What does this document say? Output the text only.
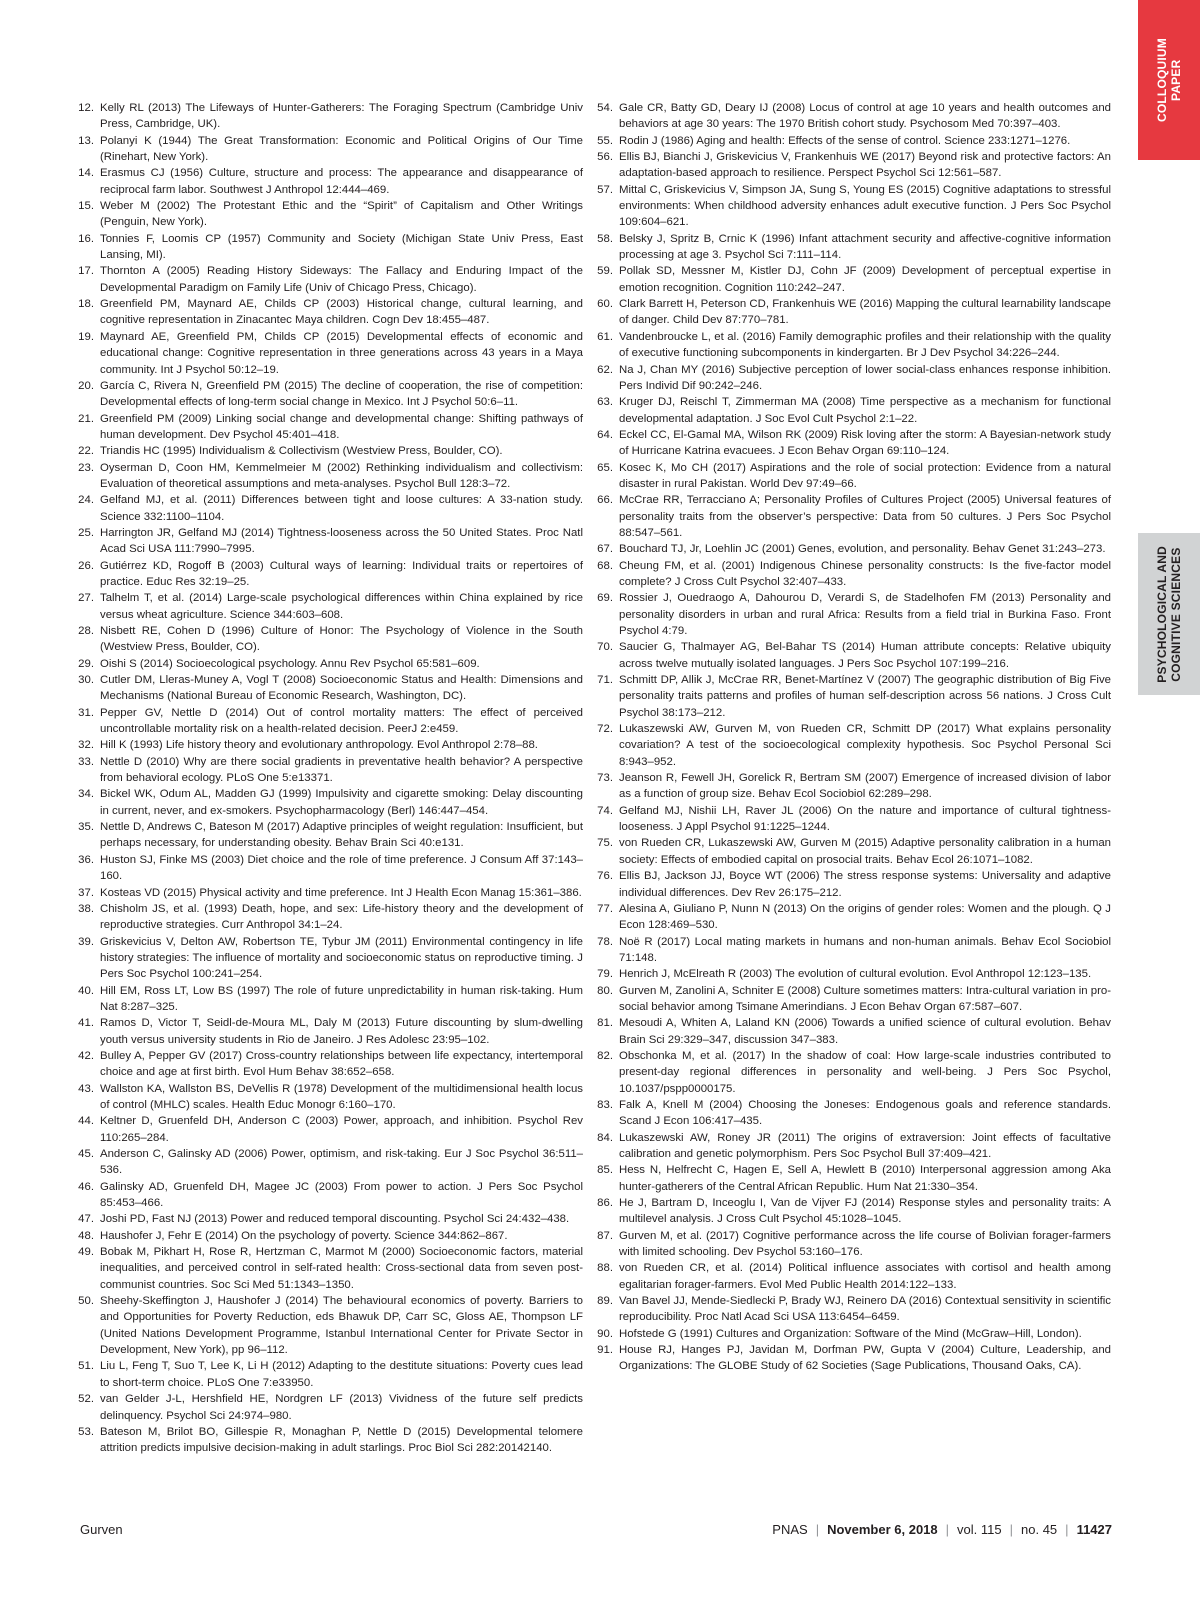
COLLOQUIUM
PAPER
PSYCHOLOGICAL AND
COGNITIVE SCIENCES
12. Kelly RL (2013) The Lifeways of Hunter-Gatherers: The Foraging Spectrum (Cambridge Univ Press, Cambridge, UK).
13. Polanyi K (1944) The Great Transformation: Economic and Political Origins of Our Time (Rinehart, New York).
14. Erasmus CJ (1956) Culture, structure and process: The appearance and disappearance of reciprocal farm labor. Southwest J Anthropol 12:444–469.
15. Weber M (2002) The Protestant Ethic and the “Spirit” of Capitalism and Other Writings (Penguin, New York).
16. Tonnies F, Loomis CP (1957) Community and Society (Michigan State Univ Press, East Lansing, MI).
17. Thornton A (2005) Reading History Sideways: The Fallacy and Enduring Impact of the Developmental Paradigm on Family Life (Univ of Chicago Press, Chicago).
18. Greenfield PM, Maynard AE, Childs CP (2003) Historical change, cultural learning, and cognitive representation in Zinacantec Maya children. Cogn Dev 18:455–487.
19. Maynard AE, Greenfield PM, Childs CP (2015) Developmental effects of economic and educational change: Cognitive representation in three generations across 43 years in a Maya community. Int J Psychol 50:12–19.
20. García C, Rivera N, Greenfield PM (2015) The decline of cooperation, the rise of competition: Developmental effects of long-term social change in Mexico. Int J Psychol 50:6–11.
21. Greenfield PM (2009) Linking social change and developmental change: Shifting pathways of human development. Dev Psychol 45:401–418.
22. Triandis HC (1995) Individualism & Collectivism (Westview Press, Boulder, CO).
23. Oyserman D, Coon HM, Kemmelmeier M (2002) Rethinking individualism and collectivism: Evaluation of theoretical assumptions and meta-analyses. Psychol Bull 128:3–72.
24. Gelfand MJ, et al. (2011) Differences between tight and loose cultures: A 33-nation study. Science 332:1100–1104.
25. Harrington JR, Gelfand MJ (2014) Tightness-looseness across the 50 United States. Proc Natl Acad Sci USA 111:7990–7995.
26. Gutiérrez KD, Rogoff B (2003) Cultural ways of learning: Individual traits or repertoires of practice. Educ Res 32:19–25.
27. Talhelm T, et al. (2014) Large-scale psychological differences within China explained by rice versus wheat agriculture. Science 344:603–608.
28. Nisbett RE, Cohen D (1996) Culture of Honor: The Psychology of Violence in the South (Westview Press, Boulder, CO).
29. Oishi S (2014) Socioecological psychology. Annu Rev Psychol 65:581–609.
30. Cutler DM, Lleras-Muney A, Vogl T (2008) Socioeconomic Status and Health: Dimensions and Mechanisms (National Bureau of Economic Research, Washington, DC).
31. Pepper GV, Nettle D (2014) Out of control mortality matters: The effect of perceived uncontrollable mortality risk on a health-related decision. PeerJ 2:e459.
32. Hill K (1993) Life history theory and evolutionary anthropology. Evol Anthropol 2:78–88.
33. Nettle D (2010) Why are there social gradients in preventative health behavior? A perspective from behavioral ecology. PLoS One 5:e13371.
34. Bickel WK, Odum AL, Madden GJ (1999) Impulsivity and cigarette smoking: Delay discounting in current, never, and ex-smokers. Psychopharmacology (Berl) 146:447–454.
35. Nettle D, Andrews C, Bateson M (2017) Adaptive principles of weight regulation: Insufficient, but perhaps necessary, for understanding obesity. Behav Brain Sci 40:e131.
36. Huston SJ, Finke MS (2003) Diet choice and the role of time preference. J Consum Aff 37:143–160.
37. Kosteas VD (2015) Physical activity and time preference. Int J Health Econ Manag 15:361–386.
38. Chisholm JS, et al. (1993) Death, hope, and sex: Life-history theory and the development of reproductive strategies. Curr Anthropol 34:1–24.
39. Griskevicius V, Delton AW, Robertson TE, Tybur JM (2011) Environmental contingency in life history strategies: The influence of mortality and socioeconomic status on reproductive timing. J Pers Soc Psychol 100:241–254.
40. Hill EM, Ross LT, Low BS (1997) The role of future unpredictability in human risk-taking. Hum Nat 8:287–325.
41. Ramos D, Victor T, Seidl-de-Moura ML, Daly M (2013) Future discounting by slum-dwelling youth versus university students in Rio de Janeiro. J Res Adolesc 23:95–102.
42. Bulley A, Pepper GV (2017) Cross-country relationships between life expectancy, intertemporal choice and age at first birth. Evol Hum Behav 38:652–658.
43. Wallston KA, Wallston BS, DeVellis R (1978) Development of the multidimensional health locus of control (MHLC) scales. Health Educ Monogr 6:160–170.
44. Keltner D, Gruenfeld DH, Anderson C (2003) Power, approach, and inhibition. Psychol Rev 110:265–284.
45. Anderson C, Galinsky AD (2006) Power, optimism, and risk-taking. Eur J Soc Psychol 36:511–536.
46. Galinsky AD, Gruenfeld DH, Magee JC (2003) From power to action. J Pers Soc Psychol 85:453–466.
47. Joshi PD, Fast NJ (2013) Power and reduced temporal discounting. Psychol Sci 24:432–438.
48. Haushofer J, Fehr E (2014) On the psychology of poverty. Science 344:862–867.
49. Bobak M, Pikhart H, Rose R, Hertzman C, Marmot M (2000) Socioeconomic factors, material inequalities, and perceived control in self-rated health: Cross-sectional data from seven post-communist countries. Soc Sci Med 51:1343–1350.
50. Sheehy-Skeffington J, Haushofer J (2014) The behavioural economics of poverty. Barriers to and Opportunities for Poverty Reduction, eds Bhawuk DP, Carr SC, Gloss AE, Thompson LF (United Nations Development Programme, Istanbul International Center for Private Sector in Development, New York), pp 96–112.
51. Liu L, Feng T, Suo T, Lee K, Li H (2012) Adapting to the destitute situations: Poverty cues lead to short-term choice. PLoS One 7:e33950.
52. van Gelder J-L, Hershfield HE, Nordgren LF (2013) Vividness of the future self predicts delinquency. Psychol Sci 24:974–980.
53. Bateson M, Brilot BO, Gillespie R, Monaghan P, Nettle D (2015) Developmental telomere attrition predicts impulsive decision-making in adult starlings. Proc Biol Sci 282:20142140.
54. Gale CR, Batty GD, Deary IJ (2008) Locus of control at age 10 years and health outcomes and behaviors at age 30 years: The 1970 British cohort study. Psychosom Med 70:397–403.
55. Rodin J (1986) Aging and health: Effects of the sense of control. Science 233:1271–1276.
56. Ellis BJ, Bianchi J, Griskevicius V, Frankenhuis WE (2017) Beyond risk and protective factors: An adaptation-based approach to resilience. Perspect Psychol Sci 12:561–587.
57. Mittal C, Griskevicius V, Simpson JA, Sung S, Young ES (2015) Cognitive adaptations to stressful environments: When childhood adversity enhances adult executive function. J Pers Soc Psychol 109:604–621.
58. Belsky J, Spritz B, Crnic K (1996) Infant attachment security and affective-cognitive information processing at age 3. Psychol Sci 7:111–114.
59. Pollak SD, Messner M, Kistler DJ, Cohn JF (2009) Development of perceptual expertise in emotion recognition. Cognition 110:242–247.
60. Clark Barrett H, Peterson CD, Frankenhuis WE (2016) Mapping the cultural learnability landscape of danger. Child Dev 87:770–781.
61. Vandenbroucke L, et al. (2016) Family demographic profiles and their relationship with the quality of executive functioning subcomponents in kindergarten. Br J Dev Psychol 34:226–244.
62. Na J, Chan MY (2016) Subjective perception of lower social-class enhances response inhibition. Pers Individ Dif 90:242–246.
63. Kruger DJ, Reischl T, Zimmerman MA (2008) Time perspective as a mechanism for functional developmental adaptation. J Soc Evol Cult Psychol 2:1–22.
64. Eckel CC, El-Gamal MA, Wilson RK (2009) Risk loving after the storm: A Bayesian-network study of Hurricane Katrina evacuees. J Econ Behav Organ 69:110–124.
65. Kosec K, Mo CH (2017) Aspirations and the role of social protection: Evidence from a natural disaster in rural Pakistan. World Dev 97:49–66.
66. McCrae RR, Terracciano A; Personality Profiles of Cultures Project (2005) Universal features of personality traits from the observer’s perspective: Data from 50 cultures. J Pers Soc Psychol 88:547–561.
67. Bouchard TJ, Jr, Loehlin JC (2001) Genes, evolution, and personality. Behav Genet 31:243–273.
68. Cheung FM, et al. (2001) Indigenous Chinese personality constructs: Is the five-factor model complete? J Cross Cult Psychol 32:407–433.
69. Rossier J, Ouedraogo A, Dahourou D, Verardi S, de Stadelhofen FM (2013) Personality and personality disorders in urban and rural Africa: Results from a field trial in Burkina Faso. Front Psychol 4:79.
70. Saucier G, Thalmayer AG, Bel-Bahar TS (2014) Human attribute concepts: Relative ubiquity across twelve mutually isolated languages. J Pers Soc Psychol 107:199–216.
71. Schmitt DP, Allik J, McCrae RR, Benet-Martínez V (2007) The geographic distribution of Big Five personality traits patterns and profiles of human self-description across 56 nations. J Cross Cult Psychol 38:173–212.
72. Lukaszewski AW, Gurven M, von Rueden CR, Schmitt DP (2017) What explains personality covariation? A test of the socioecological complexity hypothesis. Soc Psychol Personal Sci 8:943–952.
73. Jeanson R, Fewell JH, Gorelick R, Bertram SM (2007) Emergence of increased division of labor as a function of group size. Behav Ecol Sociobiol 62:289–298.
74. Gelfand MJ, Nishii LH, Raver JL (2006) On the nature and importance of cultural tightness-looseness. J Appl Psychol 91:1225–1244.
75. von Rueden CR, Lukaszewski AW, Gurven M (2015) Adaptive personality calibration in a human society: Effects of embodied capital on prosocial traits. Behav Ecol 26:1071–1082.
76. Ellis BJ, Jackson JJ, Boyce WT (2006) The stress response systems: Universality and adaptive individual differences. Dev Rev 26:175–212.
77. Alesina A, Giuliano P, Nunn N (2013) On the origins of gender roles: Women and the plough. Q J Econ 128:469–530.
78. Noë R (2017) Local mating markets in humans and non-human animals. Behav Ecol Sociobiol 71:148.
79. Henrich J, McElreath R (2003) The evolution of cultural evolution. Evol Anthropol 12:123–135.
80. Gurven M, Zanolini A, Schniter E (2008) Culture sometimes matters: Intra-cultural variation in pro-social behavior among Tsimane Amerindians. J Econ Behav Organ 67:587–607.
81. Mesoudi A, Whiten A, Laland KN (2006) Towards a unified science of cultural evolution. Behav Brain Sci 29:329–347, discussion 347–383.
82. Obschonka M, et al. (2017) In the shadow of coal: How large-scale industries contributed to present-day regional differences in personality and well-being. J Pers Soc Psychol, 10.1037/pspp0000175.
83. Falk A, Knell M (2004) Choosing the Joneses: Endogenous goals and reference standards. Scand J Econ 106:417–435.
84. Lukaszewski AW, Roney JR (2011) The origins of extraversion: Joint effects of facultative calibration and genetic polymorphism. Pers Soc Psychol Bull 37:409–421.
85. Hess N, Helfrecht C, Hagen E, Sell A, Hewlett B (2010) Interpersonal aggression among Aka hunter-gatherers of the Central African Republic. Hum Nat 21:330–354.
86. He J, Bartram D, Inceoglu I, Van de Vijver FJ (2014) Response styles and personality traits: A multilevel analysis. J Cross Cult Psychol 45:1028–1045.
87. Gurven M, et al. (2017) Cognitive performance across the life course of Bolivian forager-farmers with limited schooling. Dev Psychol 53:160–176.
88. von Rueden CR, et al. (2014) Political influence associates with cortisol and health among egalitarian forager-farmers. Evol Med Public Health 2014:122–133.
89. Van Bavel JJ, Mende-Siedlecki P, Brady WJ, Reinero DA (2016) Contextual sensitivity in scientific reproducibility. Proc Natl Acad Sci USA 113:6454–6459.
90. Hofstede G (1991) Cultures and Organization: Software of the Mind (McGraw–Hill, London).
91. House RJ, Hanges PJ, Javidan M, Dorfman PW, Gupta V (2004) Culture, Leadership, and Organizations: The GLOBE Study of 62 Societies (Sage Publications, Thousand Oaks, CA).
Gurven	PNAS | November 6, 2018 | vol. 115 | no. 45 | 11427
